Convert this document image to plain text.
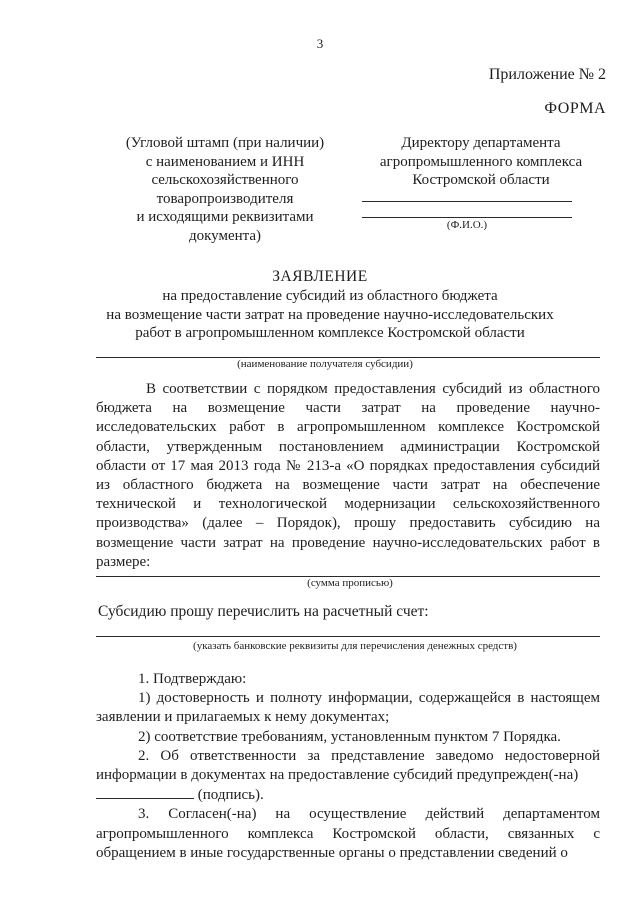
3
Приложение № 2
ФОРМА
(Угловой штамп (при наличии)
с наименованием и ИНН
сельскохозяйственного
товаропроизводителя
и исходящими реквизитами
документа)
Директору департамента
агропромышленного комплекса
Костромской области
(Ф.И.О.)
ЗАЯВЛЕНИЕ
на предоставление субсидий из областного бюджета
на возмещение части затрат на проведение научно-исследовательских
работ в агропромышленном комплексе Костромской области
(наименование получателя субсидии)
В соответствии с порядком предоставления субсидий из областного бюджета на возмещение части затрат на проведение научно-исследовательских работ в агропромышленном комплексе Костромской области, утвержденным постановлением администрации Костромской области от 17 мая 2013 года № 213-а «О порядках предоставления субсидий из областного бюджета на возмещение части затрат на обеспечение технической и технологической модернизации сельскохозяйственного производства» (далее – Порядок), прошу предоставить субсидию на возмещение части затрат на проведение научно-исследовательских работ в размере:
(сумма прописью)
Субсидию прошу перечислить на расчетный счет:
(указать банковские реквизиты для перечисления денежных средств)

1. Подтверждаю:

1) достоверность и полноту информации, содержащейся в настоящем заявлении и прилагаемых к нему документах;

2) соответствие требованиям, установленным пунктом 7 Порядка.

2. Об ответственности за представление заведомо недостоверной информации в документах на предоставление субсидий предупрежден(-на)

(подпись).

3. Согласен(-на) на осуществление действий департаментом агропромышленного комплекса Костромской области, связанных с обращением в иные государственные органы о представлении сведений о
